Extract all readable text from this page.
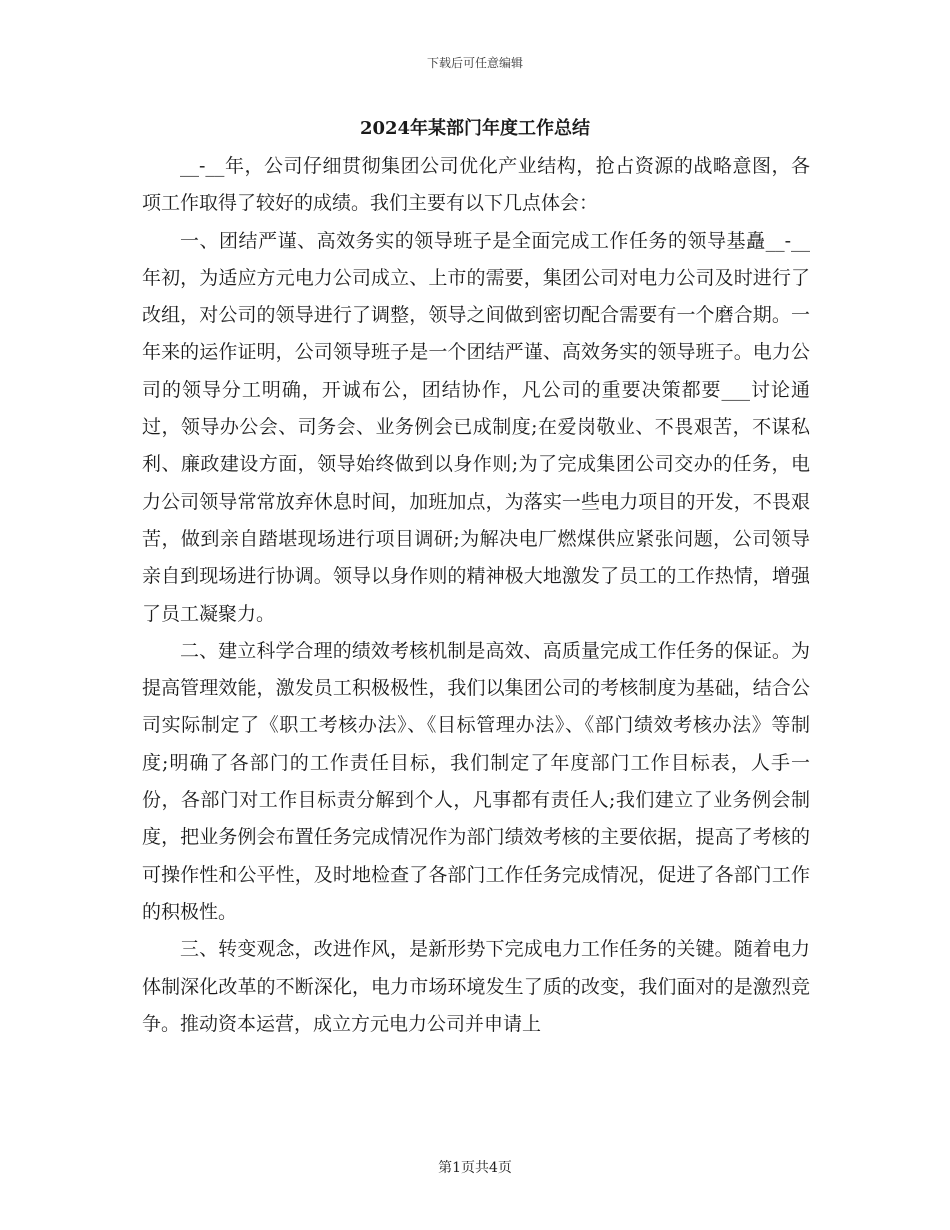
下载后可任意编辑
2024年某部门年度工作总结

__-__年，公司仔细贯彻集团公司优化产业结构，抢占资源的战略意图，各项工作取得了较好的成绩。我们主要有以下几点体会：

一、团结严谨、高效务实的领导班子是全面完成工作任务的领导基矗__-__年初，为适应方元电力公司成立、上市的需要，集团公司对电力公司及时进行了改组，对公司的领导进行了调整，领导之间做到密切配合需要有一个磨合期。一年来的运作证明，公司领导班子是一个团结严谨、高效务实的领导班子。电力公司的领导分工明确，开诚布公，团结协作，凡公司的重要决策都要___讨论通过，领导办公会、司务会、业务例会已成制度;在爱岗敬业、不畏艰苦，不谋私利、廉政建设方面，领导始终做到以身作则;为了完成集团公司交办的任务，电力公司领导常常放弃休息时间，加班加点，为落实一些电力项目的开发，不畏艰苦，做到亲自踏堪现场进行项目调研;为解决电厂燃煤供应紧张问题，公司领导亲自到现场进行协调。领导以身作则的精神极大地激发了员工的工作热情，增强了员工凝聚力。

二、建立科学合理的绩效考核机制是高效、高质量完成工作任务的保证。为提高管理效能，激发员工积极极性，我们以集团公司的考核制度为基础，结合公司实际制定了《职工考核办法》、《目标管理办法》、《部门绩效考核办法》等制度;明确了各部门的工作责任目标，我们制定了年度部门工作目标表，人手一份，各部门对工作目标责分解到个人，凡事都有责任人;我们建立了业务例会制度，把业务例会布置任务完成情况作为部门绩效考核的主要依据，提高了考核的可操作性和公平性，及时地检查了各部门工作任务完成情况，促进了各部门工作的积极性。

三、转变观念，改进作风，是新形势下完成电力工作任务的关键。随着电力体制深化改革的不断深化，电力市场环境发生了质的改变，我们面对的是激烈竞争。推动资本运营，成立方元电力公司并申请上

第1页共4页
